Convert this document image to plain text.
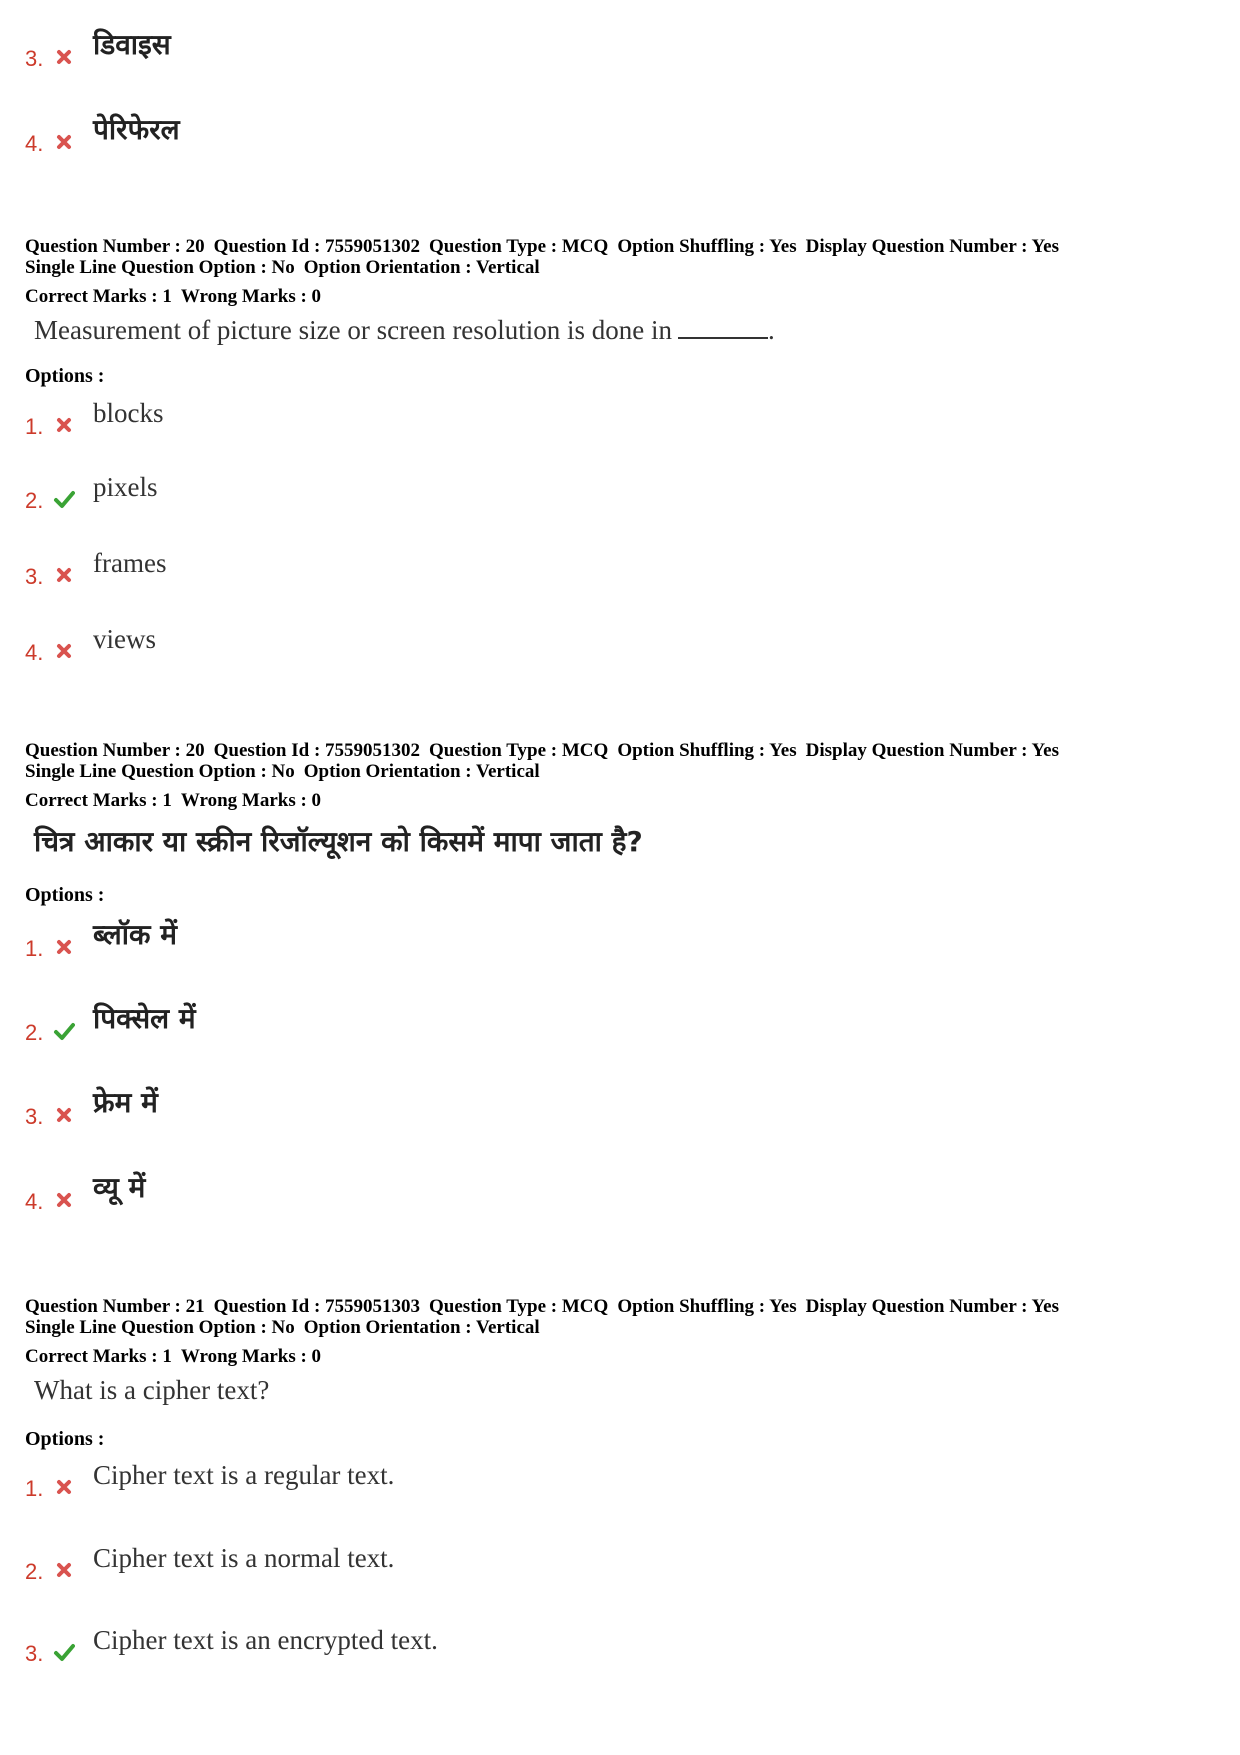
3. डिवाइस
4. पेरिफेरल
Question Number : 20 Question Id : 7559051302 Question Type : MCQ Option Shuffling : Yes Display Question Number : Yes
Single Line Question Option : No Option Orientation : Vertical
Correct Marks : 1 Wrong Marks : 0
Measurement of picture size or screen resolution is done in	.
Options :
1. blocks
2. pixels
3. frames
4. views
Question Number : 20 Question Id : 7559051302 Question Type : MCQ Option Shuffling : Yes Display Question Number : Yes
Single Line Question Option : No Option Orientation : Vertical
Correct Marks : 1 Wrong Marks : 0
चित्र आकार या स्क्रीन रिजॉल्यूशन को किसमें मापा जाता है?
Options :
1. ब्लॉक में
2. पिक्सेल में
3. फ्रेम में
4. व्यू में
Question Number : 21 Question Id : 7559051303 Question Type : MCQ Option Shuffling : Yes Display Question Number : Yes
Single Line Question Option : No Option Orientation : Vertical
Correct Marks : 1 Wrong Marks : 0
What is a cipher text?
Options :
1. Cipher text is a regular text.
2. Cipher text is a normal text.
3. Cipher text is an encrypted text.
